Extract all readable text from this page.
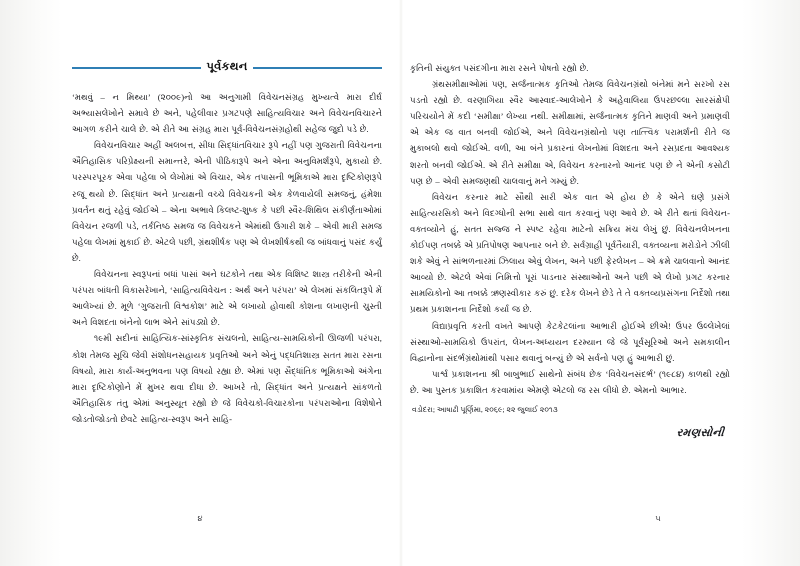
પૂર્વકથન

‘મથવું – ન મિથ્યા’ (૨૦૦૯)નો આ અનુગામી વિવેચનસંગ્રહ મુખ્યત્વે મારા દીર્ઘ અભ્યાસલેખોને સમાવે છે અને, પહેલીવાર પ્રગટપણે સાહિત્યવિચાર અને વિવેચનવિચારને આગળ કરીને ચાલે છે. એ રીતે આ સંગ્રહ મારા પૂર્વ-વિવેચનસંગ્રહોથી સહેજ જુદો પડે છે.

વિવેચનવિચાર અહીં અલબત્ત, સીધા સિદ્ધાંતવિચાર રૂપે નહીં પણ ગુજરાતી વિવેચનના ઐતિહાસિક પરિપ્રેક્ષ્યની સમાન્તરે, એની પીઠિકારૂપે અને એના અનુવિમર્શરૂપે, મુકાયો છે. પરસ્પરપૂરક એવા પહેલા બે લેખોમાં એ વિચાર, એક તપાસની ભૂમિકાએ મારા દૃષ્ટિકોણરૂપે રજૂ થયો છે. સિદ્ધાંત અને પ્રત્યક્ષની વચ્ચે વિવેચકની એક કેળવાયેલી સમજનું, હંમેશા પ્રવર્તન થતું રહેવું જોઈએ – એના અભાવે કિલષ્ટ-શુષ્ક કે પછી સ્વૈર-શિથિલ સંકીર્ણતાઓમાં વિવેચન રજળી પડે, તર્કનિષ્ઠ સમજ જ વિવેચકને એમાંથી ઉગારી શકે – એવી મારી સમજ પહેલા લેખમાં મુકાઈ છે. એટલે પછી, ગ્રંથશીર્ષક પણ એ લેખશીર્ષકથી જ બાંધવાનું પસંદ કર્યું છે.

વિવેચનના સ્વરૂપનાં બધાં પાસાં અને ઘટકોને તથા એક વિશિષ્ટ શાસ્ત્ર તરીકેની એની પરંપરા બાંધતી વિકાસરેખાને, ‘સાહિત્યવિવેચન : અર્થ અને પરંપરા’ એ લેખમાં સંકલિતરૂપે મેં આલેખ્યાં છે. મૂળે ‘ગુજરાતી વિશ્વકોશ’ માટે એ લખાયો હોવાથી કોશના લખાણની ચુસ્તી અને વિશદતા બંનેનો લાભ એને સાંપડ્યો છે.

૧૯મી સદીનાં સાહિત્યિક-સાંસ્કૃતિક સંચલનો, સાહિત્ય-સામયિકોની ઊજળી પરંપરા, કોશ તેમજ સૂચિ જેવી સંશોધનસહાયક પ્રવૃતિઓ અને એનું પદ્ધતિશાસ્ત્ર સતત મારા રસના વિષયો, મારા કાર્ય-અનુભવના પણ વિષયો રહ્યા છે. એમાં પણ સૈદ્ધાંતિક ભૂમિકાઓ અંગેના મારા દૃષ્ટિકોણોને મેં મુખર થવા દીધા છે. આખરે તો, સિદ્ધાંત અને પ્રત્યક્ષને સાંકળતો ઐતિહાસિક તંતુ એમાં અનુસ્યૂત રહ્યો છે જે વિવેચકો-વિચારકોના પરંપરાઓના વિશેષોને જોડતોજોડતો છેવટે સાહિત્ય-સ્વરૂપ અને સાહિ-

૪

કૃતિની સંયુક્ત પસંદગીના મારા રસને પોષતો રહ્યો છે.

ગ્રંથસમીક્ષાઓમાં પણ, સર્જનાત્મક કૃતિઓ તેમજ વિવેચનગ્રંથો બંનેમાં મને સરખો રસ પડતો રહ્યો છે. વરણાગિયા સ્વૈર આસ્વાદ-આલેખોને કે અહેવાલિયા ઉપરછલ્લા સારસંક્ષેપી પરિચયોને મેં કદી ‘સમીક્ષા’ લેખ્યા નથી. સમીક્ષામાં, સર્જનાત્મક કૃતિને માણવી અને પ્રમાણવી એ એક જ વાત બનવી જોઈએ, અને વિવેચનગ્રંથોનો પણ તાત્ત્વિક પરામર્શની રીતે જ મુકાબલો થવો જોઈએ. વળી, આ બંને પ્રકારનાં લેખનોમાં વિશદતા અને રસપ્રદતા આવશ્યક શરતો બનવી જોઈએ. એ રીતે સમીક્ષા એ, વિવેચન કરનારનો આનંદ પણ છે ને એની કસોટી પણ છે – એવી સમજણથી ચાલવાનું મને ગમ્યું છે.

વિવેચન કરનાર માટે સૌથી સારી એક વાત એ હોય છે કે એને ઘણે પ્રસંગે સાહિત્યરસિકો અને વિદગ્ધોની સભા સાથે વાત કરવાનું પણ આવે છે. એ રીતે થતાં વિવેચન-વક્તવ્યોને હું, સતત સજ્જ ને સ્પષ્ટ રહેવા માટેનો સક્રિય મંચ લેખું છું. વિવેચનલેખનના કોઈપણ તબક્કે એ પ્રતિપોષણ આપનાર બને છે. સર્વગ્રાહી પૂર્વતૈયારી, વક્તવ્યના મરોડોને ઝીલી શકે એવું ને સાંભળનારમાં ઝિલાય એવું લેખન, અને પછી ફેરલેખન – એ ક્રમે ચાલવાનો આનંદ આવ્યો છે. એટલે એવાં નિમિત્તો પૂરાં પાડનાર સંસ્થાઓનો અને પછી એ લેખો પ્રગટ કરનાર સામયિકોનો આ તબક્કે ઋણસ્વીકાર કરું છું. દરેક લેખને છેડે તે તે વક્તવ્યપ્રસંગના નિર્દેશો તથા પ્રથમ પ્રકાશનના નિર્દેશો કર્યા જ છે.

વિદ્યાપ્રવૃત્તિ કરતી વખતે આપણે કેટકેટલાંના આભારી હોઈએ છીએ! ઉપર ઉલ્લેખેલાં સંસ્થાઓ-સામયિકો ઉપરાંત, લેખન-અધ્યયન દરમ્યાન જે જે પૂર્વસૂરિઓ અને સમકાલીન વિદ્વાનોના સંદર્ભગ્રંથોમાંથી પસાર થવાનું બન્યું છે એ સર્વનો પણ હું આભારી છું.

પાર્શ્વ પ્રકાશનના શ્રી બાબુભાઈ સાથેનો સંબંધ છેક ‘વિવેચનસંદર્ભ’ (૧૯૮૪) કાળથી રહ્યો છે. આ પુસ્તક પ્રકાશિત કરવામાંય એમણે એટલો જ રસ લીધો છે. એમનો આભાર.

વડોદરા; આષાઢી પૂર્ણિમા, ૨૦૬૯; ૨૨ જુલાઈ ૨૦૧૩
રમણસોની
૫
